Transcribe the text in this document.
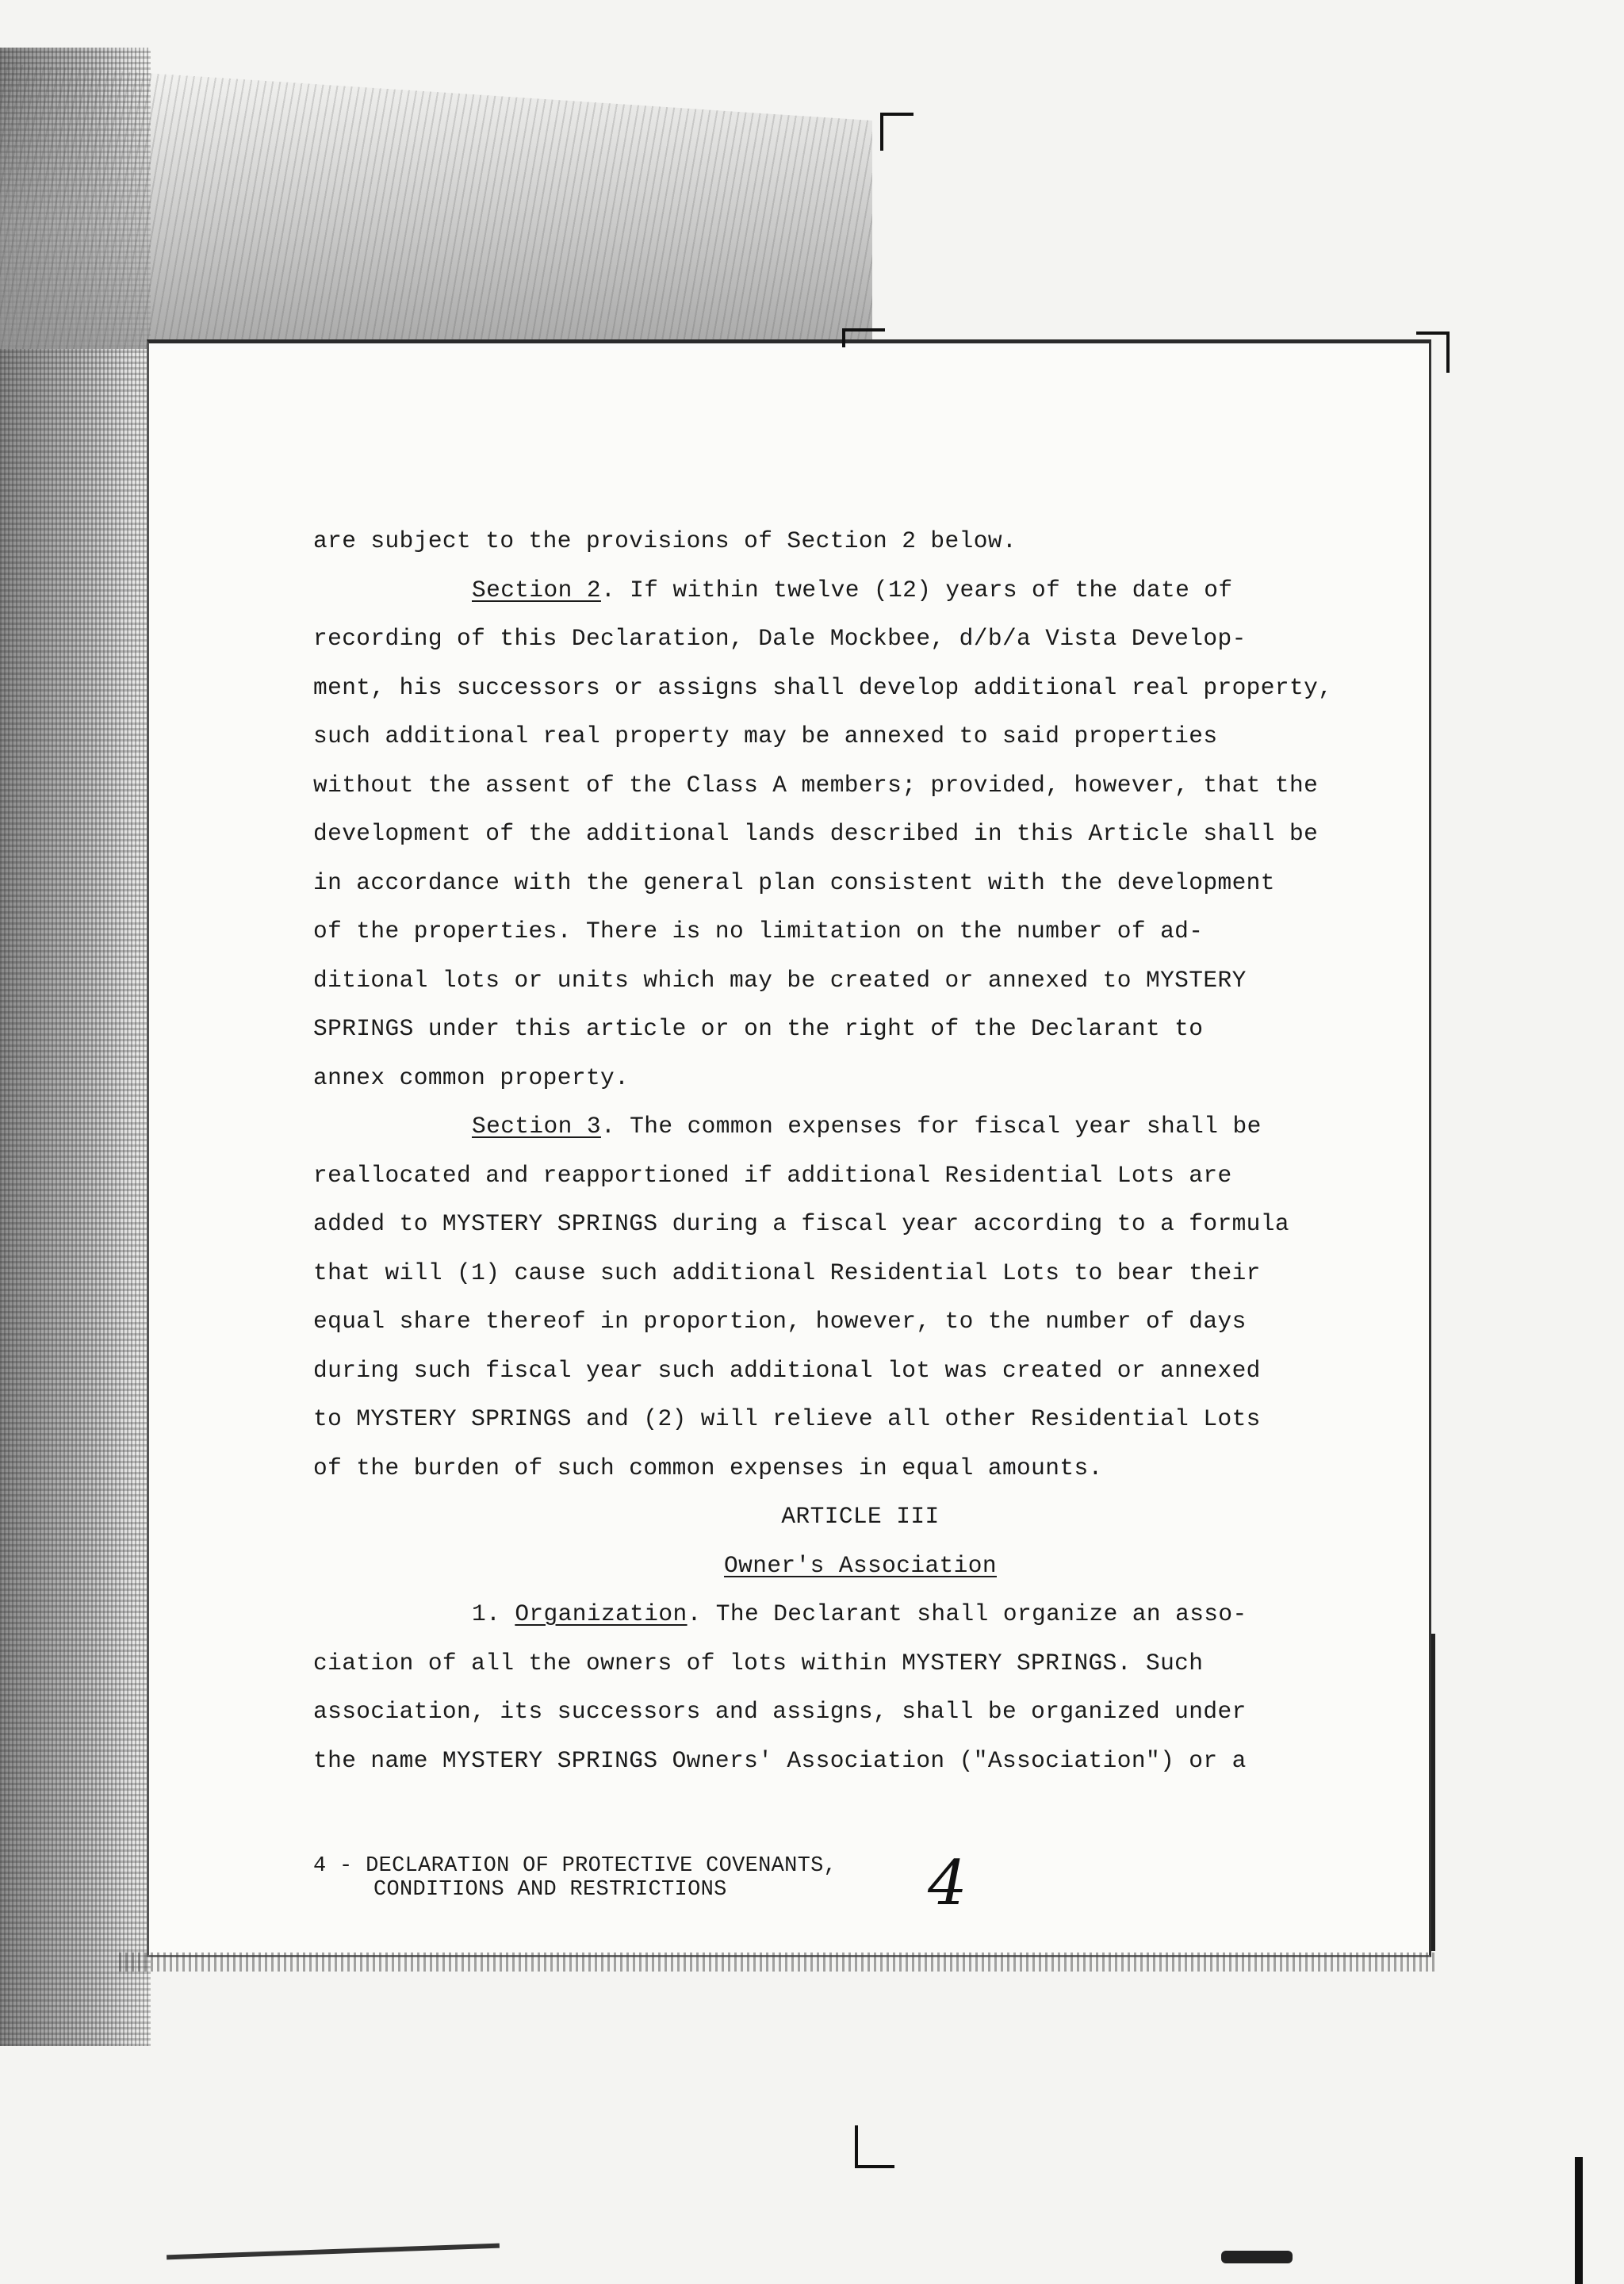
are subject to the provisions of Section 2 below.
Section 2. If within twelve (12) years of the date of
recording of this Declaration, Dale Mockbee, d/b/a Vista Develop-
ment, his successors or assigns shall develop additional real property,
such additional real property may be annexed to said properties
without the assent of the Class A members; provided, however, that the
development of the additional lands described in this Article shall be
in accordance with the general plan consistent with the development
of the properties. There is no limitation on the number of ad-
ditional lots or units which may be created or annexed to MYSTERY
SPRINGS under this article or on the right of the Declarant to
annex common property.
Section 3. The common expenses for fiscal year shall be
reallocated and reapportioned if additional Residential Lots are
added to MYSTERY SPRINGS during a fiscal year according to a formula
that will (1) cause such additional Residential Lots to bear their
equal share thereof in proportion, however, to the number of days
during such fiscal year such additional lot was created or annexed
to MYSTERY SPRINGS and (2) will relieve all other Residential Lots
of the burden of such common expenses in equal amounts.
ARTICLE III
Owner's Association
1. Organization. The Declarant shall organize an asso-
ciation of all the owners of lots within MYSTERY SPRINGS. Such
association, its successors and assigns, shall be organized under
the name MYSTERY SPRINGS Owners' Association ("Association") or a
4 - DECLARATION OF PROTECTIVE COVENANTS,
CONDITIONS AND RESTRICTIONS	4
